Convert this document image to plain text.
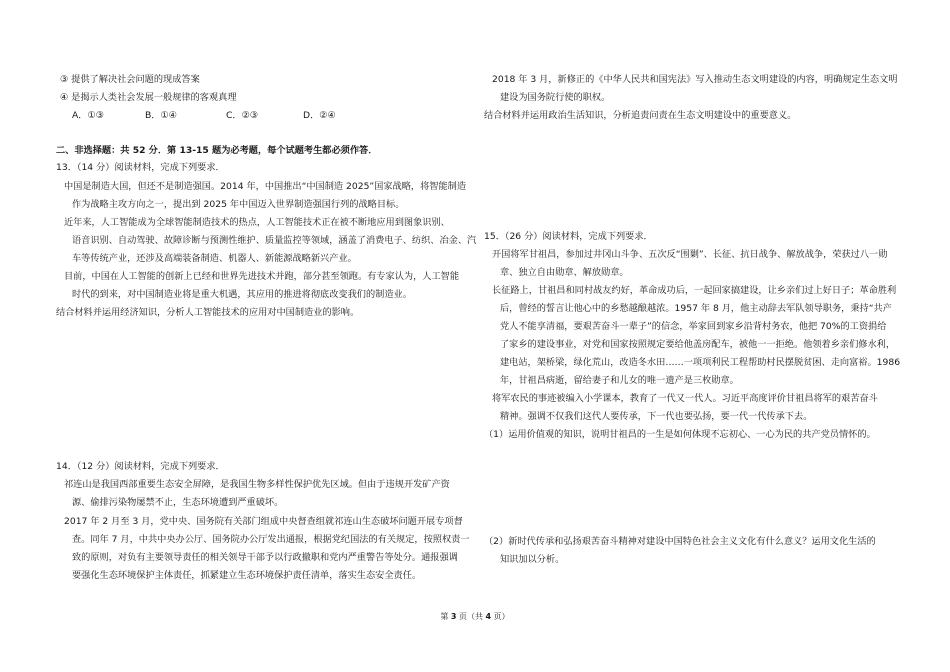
③ 提供了解决社会问题的现成答案
④ 是揭示人类社会发展一般规律的客观真理
A．①③	B．①④	C．②③	D．②④
二、非选择题：共 52 分．第 13-15 题为必考题，每个试题考生都必须作答．
13．（14 分）阅读材料，完成下列要求．
中国是制造大国，但还不是制造强国。2014 年，中国推出“中国制造 2025”国家战略，将智能制造
作为战略主攻方向之一，提出到 2025 年中国迈入世界制造强国行列的战略目标。
近年来，人工智能成为全球智能制造技术的热点，人工智能技术正在被不断地应用到图象识别、
语音识别、自动驾驶、故障诊断与预测性维护、质量监控等领域，涵盖了消费电子、纺织、冶金、汽
车等传统产业，还涉及高端装备制造、机器人、新能源战略新兴产业。
目前，中国在人工智能的创新上已经和世界先进技术并跑，部分甚至领跑。有专家认为，人工智能
时代的到来，对中国制造业将是重大机遇，其应用的推进将彻底改变我们的制造业。
结合材料并运用经济知识，分析人工智能技术的应用对中国制造业的影响。
14．（12 分）阅读材料，完成下列要求．
祁连山是我国西部重要生态安全屏障，是我国生物多样性保护优先区域。但由于违规开发矿产资
源、偷排污染物屡禁不止，生态环境遭到严重破坏。
2017 年 2 月至 3 月，党中央、国务院有关部门组成中央督查组就祁连山生态破坏问题开展专项督
查。同年 7 月，中共中央办公厅、国务院办公厅发出通报，根据党纪国法的有关规定，按照权责一
致的原则，对负有主要领导责任的相关领导干部予以行政撤职和党内严重警告等处分。通报强调
要强化生态环境保护主体责任，抓紧建立生态环境保护责任清单，落实生态安全责任。
2018 年 3 月，新修正的《中华人民共和国宪法》写入推动生态文明建设的内容，明确规定生态文明
建设为国务院行使的职权。
结合材料并运用政治生活知识，分析追责问责在生态文明建设中的重要意义。
15．（26 分）阅读材料，完成下列要求．
开国将军甘祖昌，参加过井冈山斗争、五次反“围剿”、长征、抗日战争、解放战争，荣获过八一勋
章、独立自由勋章、解放勋章。
长征路上，甘祖昌和同村战友约好，革命成功后，一起回家搞建设，让乡亲们过上好日子；革命胜利
后，曾经的誓言让他心中的乡愁越酿越浓。1957 年 8 月，他主动辞去军队领导职务，秉持“共产
党人不能享清福，要艰苦奋斗一辈子”的信念，举家回到家乡沿背村务农，他把 70%的工资捐给
了家乡的建设事业，对党和国家按照规定要给他盖房配车，被他一一拒绝。他领着乡亲们修水利，
建电站，架桥梁，绿化荒山，改造冬水田……一项项利民工程帮助村民摆脱贫困、走向富裕。1986
年，甘祖昌病逝，留给妻子和儿女的唯一遗产是三枚勋章。
将军农民的事迹被编入小学课本，教育了一代又一代人。习近平高度评价甘祖昌将军的艰苦奋斗
精神。强调不仅我们这代人要传承，下一代也要弘扬，要一代一代传承下去。
（1）运用价值观的知识，说明甘祖昌的一生是如何体现不忘初心、一心为民的共产党员情怀的。
（2）新时代传承和弘扬艰苦奋斗精神对建设中国特色社会主义文化有什么意义？运用文化生活的
知识加以分析。
第 3 页（共 4 页）
